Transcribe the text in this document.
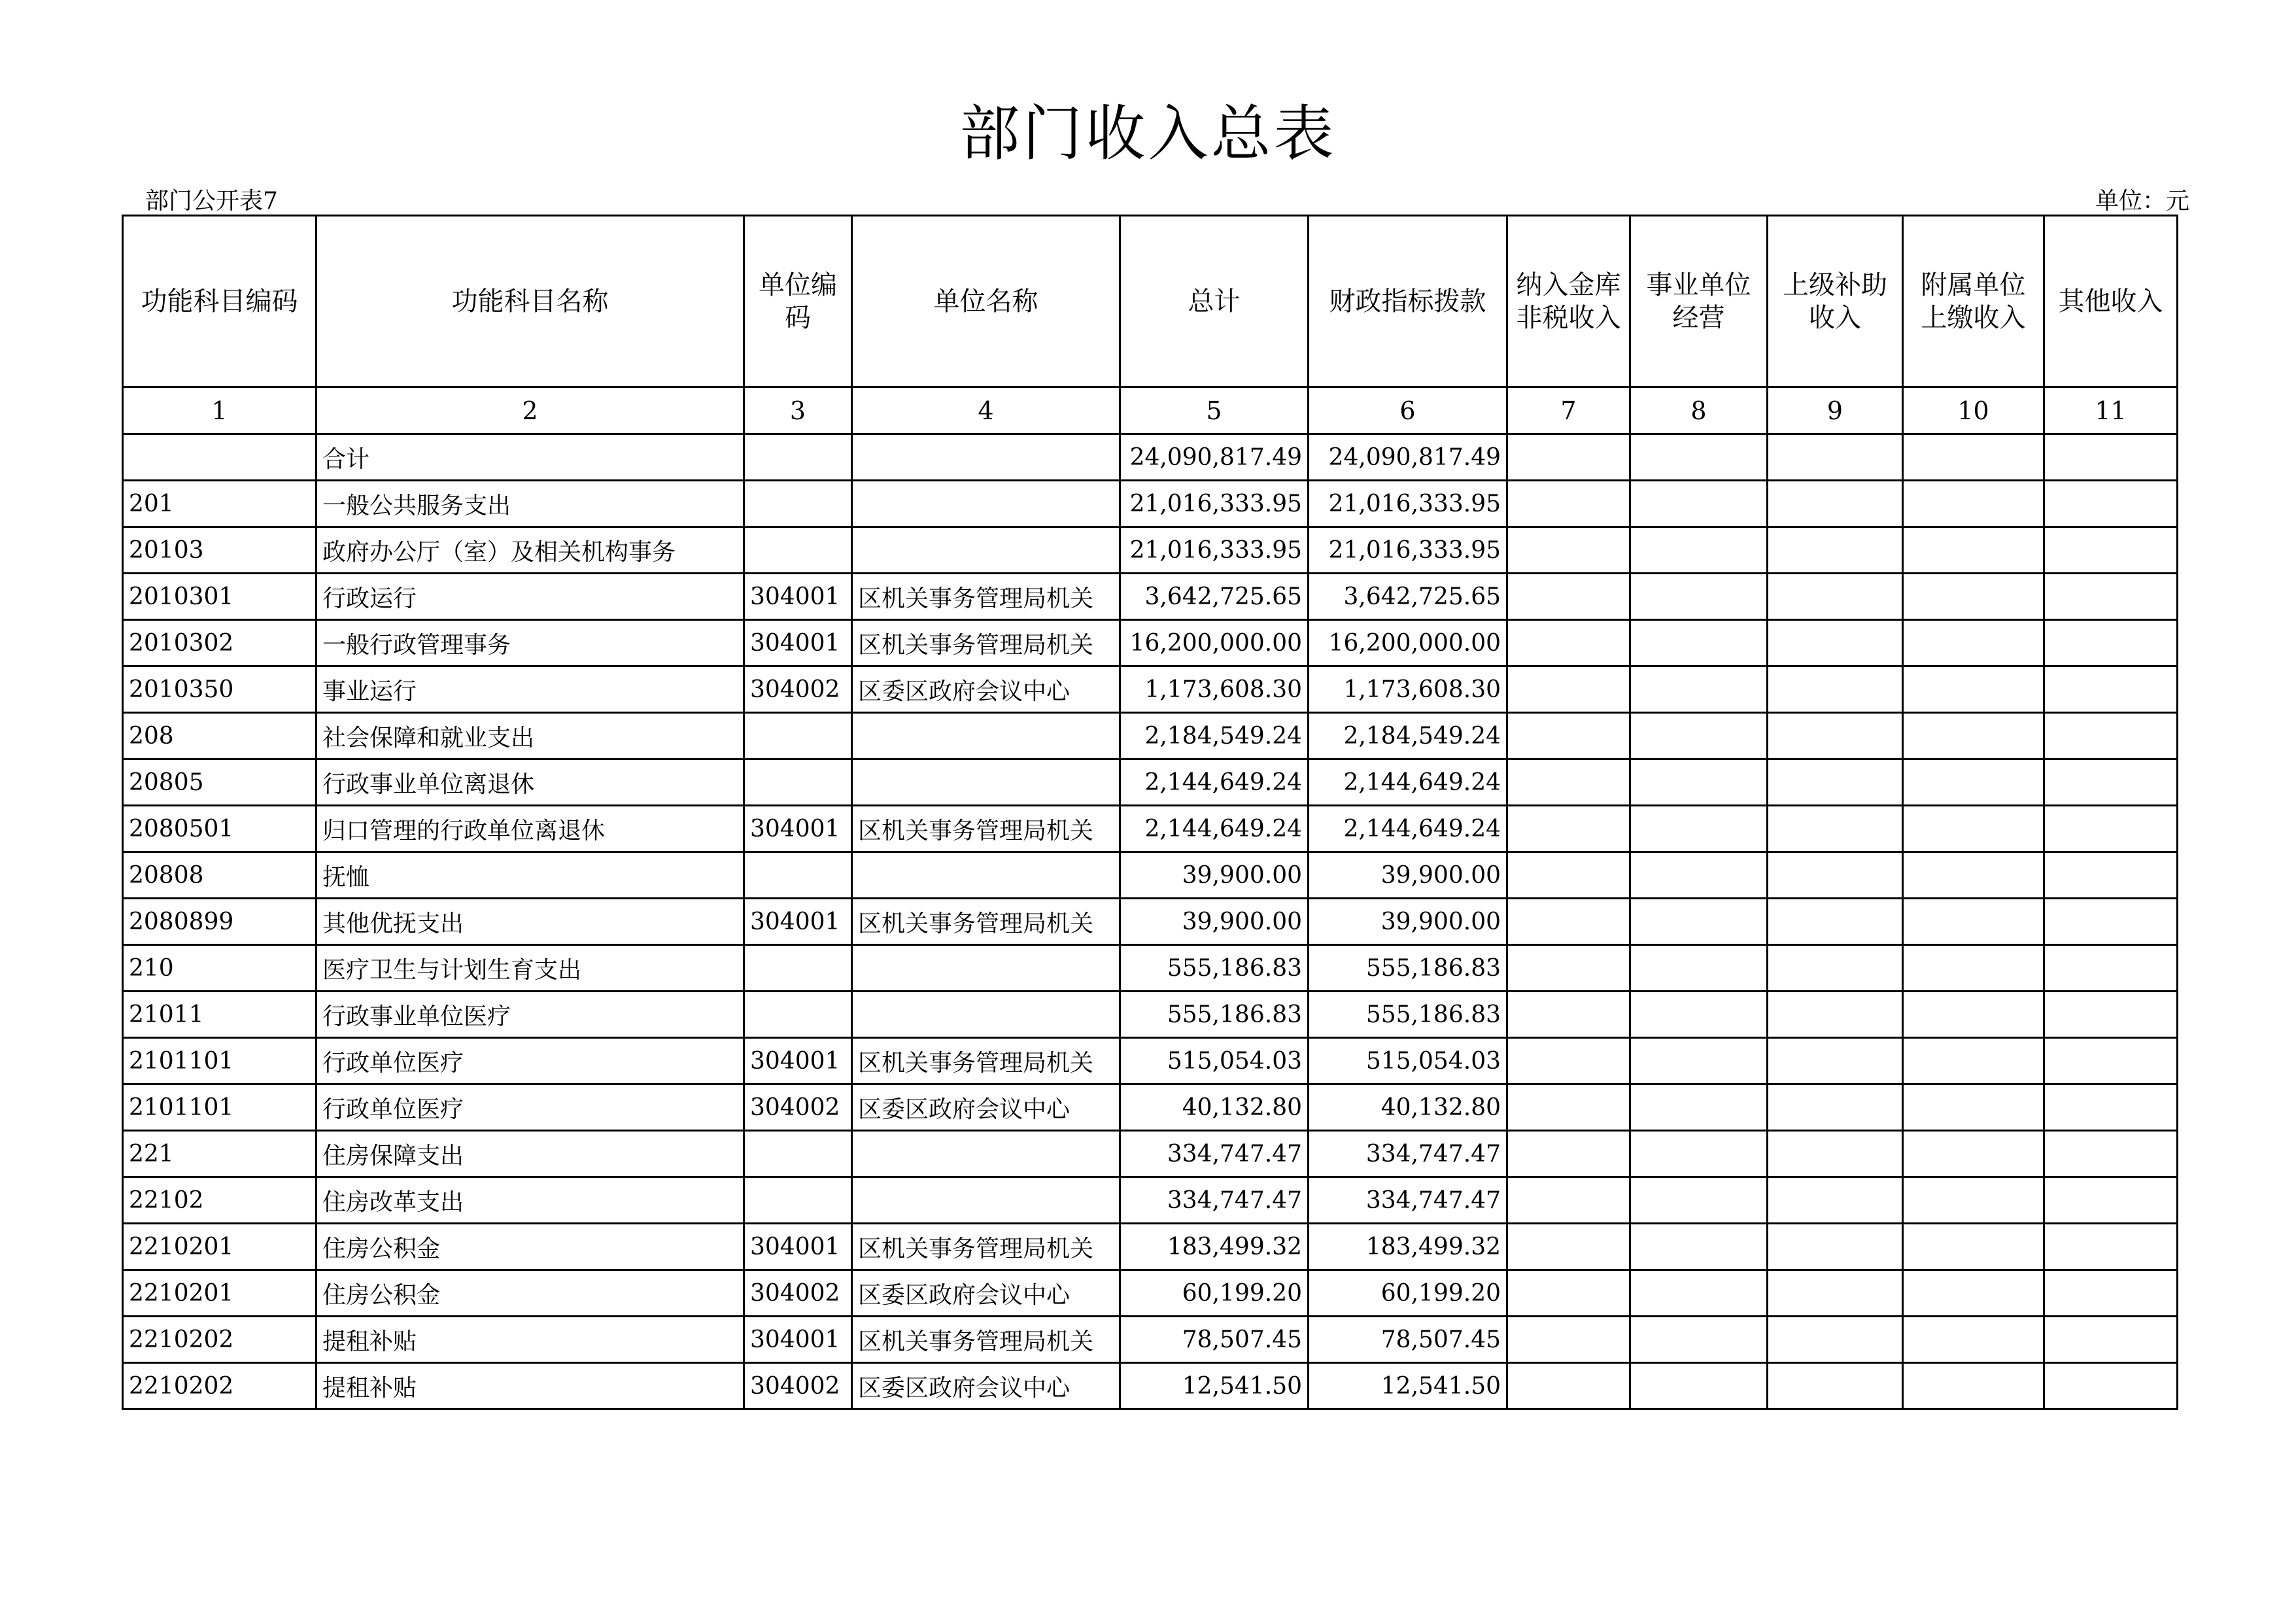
部门收入总表
部门公开表7	单位：元
功能科目编码	功能科目名称	单位编码	单位名称	总计	财政指标拨款	纳入金库非税收入	事业单位经营	上级补助收入	附属单位上缴收入	其他收入
1	2	3	4	5	6	7	8	9	10	11
	合计			24,090,817.49	24,090,817.49					
201	一般公共服务支出			21,016,333.95	21,016,333.95					
20103	政府办公厅（室）及相关机构事务			21,016,333.95	21,016,333.95					
2010301	行政运行	304001	区机关事务管理局机关	3,642,725.65	3,642,725.65					
2010302	一般行政管理事务	304001	区机关事务管理局机关	16,200,000.00	16,200,000.00					
2010350	事业运行	304002	区委区政府会议中心	1,173,608.30	1,173,608.30					
208	社会保障和就业支出			2,184,549.24	2,184,549.24					
20805	行政事业单位离退休			2,144,649.24	2,144,649.24					
2080501	归口管理的行政单位离退休	304001	区机关事务管理局机关	2,144,649.24	2,144,649.24					
20808	抚恤			39,900.00	39,900.00					
2080899	其他优抚支出	304001	区机关事务管理局机关	39,900.00	39,900.00					
210	医疗卫生与计划生育支出			555,186.83	555,186.83					
21011	行政事业单位医疗			555,186.83	555,186.83					
2101101	行政单位医疗	304001	区机关事务管理局机关	515,054.03	515,054.03					
2101101	行政单位医疗	304002	区委区政府会议中心	40,132.80	40,132.80					
221	住房保障支出			334,747.47	334,747.47					
22102	住房改革支出			334,747.47	334,747.47					
2210201	住房公积金	304001	区机关事务管理局机关	183,499.32	183,499.32					
2210201	住房公积金	304002	区委区政府会议中心	60,199.20	60,199.20					
2210202	提租补贴	304001	区机关事务管理局机关	78,507.45	78,507.45					
2210202	提租补贴	304002	区委区政府会议中心	12,541.50	12,541.50					
